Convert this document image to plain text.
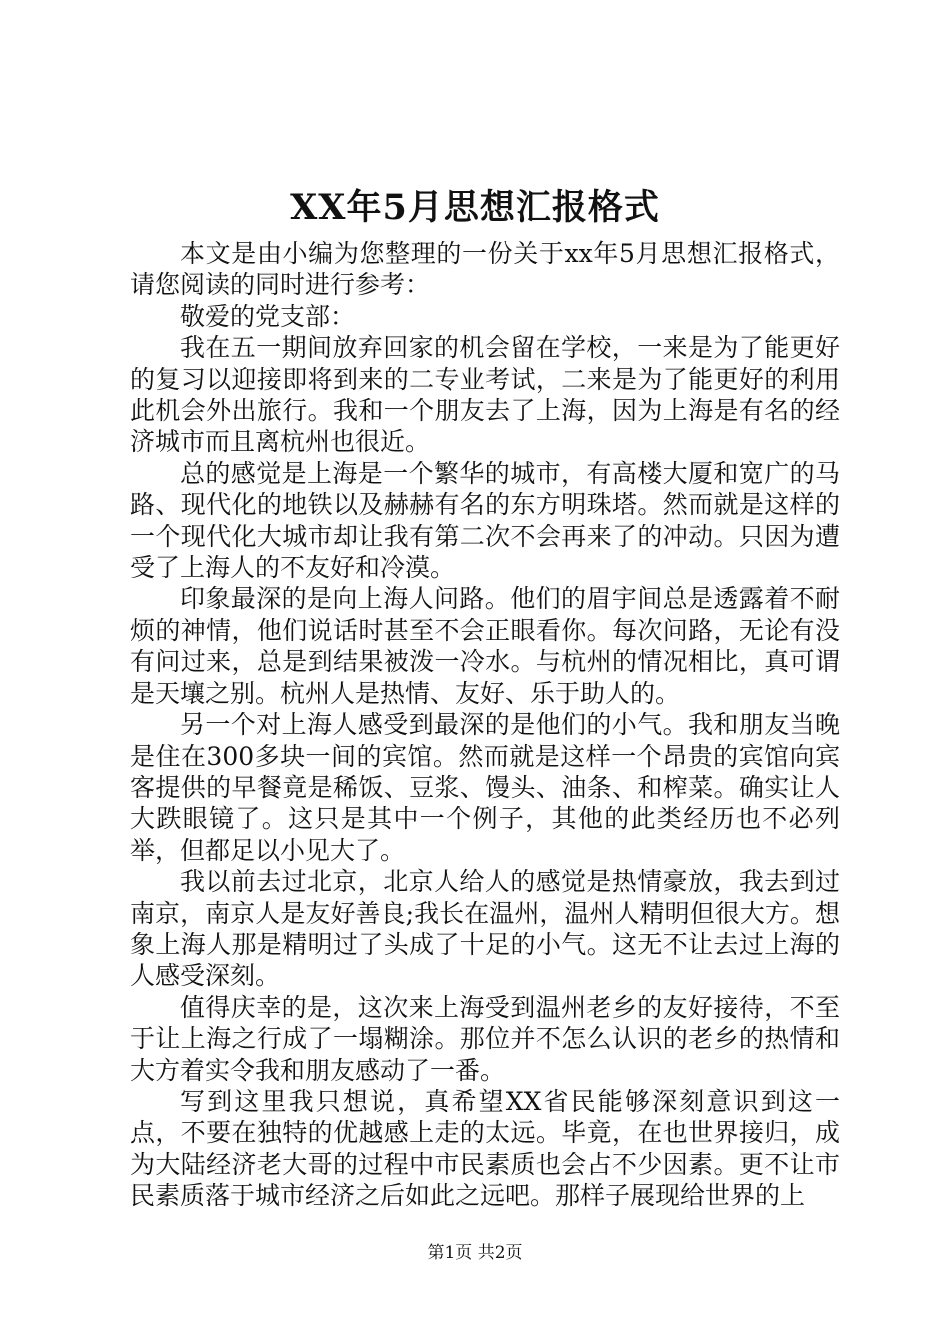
XX年5月思想汇报格式

本文是由小编为您整理的一份关于xx年5月思想汇报格式，请您阅读的同时进行参考：

敬爱的党支部：

我在五一期间放弃回家的机会留在学校，一来是为了能更好的复习以迎接即将到来的二专业考试，二来是为了能更好的利用此机会外出旅行。我和一个朋友去了上海，因为上海是有名的经济城市而且离杭州也很近。

总的感觉是上海是一个繁华的城市，有高楼大厦和宽广的马路、现代化的地铁以及赫赫有名的东方明珠塔。然而就是这样的一个现代化大城市却让我有第二次不会再来了的冲动。只因为遭受了上海人的不友好和冷漠。

印象最深的是向上海人问路。他们的眉宇间总是透露着不耐烦的神情，他们说话时甚至不会正眼看你。每次问路，无论有没有问过来，总是到结果被泼一冷水。与杭州的情况相比，真可谓是天壤之别。杭州人是热情、友好、乐于助人的。

另一个对上海人感受到最深的是他们的小气。我和朋友当晚是住在300多块一间的宾馆。然而就是这样一个昂贵的宾馆向宾客提供的早餐竟是稀饭、豆浆、馒头、油条、和榨菜。确实让人大跌眼镜了。这只是其中一个例子，其他的此类经历也不必列举，但都足以小见大了。

我以前去过北京，北京人给人的感觉是热情豪放，我去到过南京，南京人是友好善良;我长在温州，温州人精明但很大方。想象上海人那是精明过了头成了十足的小气。这无不让去过上海的人感受深刻。

值得庆幸的是，这次来上海受到温州老乡的友好接待，不至于让上海之行成了一塌糊涂。那位并不怎么认识的老乡的热情和大方着实令我和朋友感动了一番。

写到这里我只想说，真希望XX省民能够深刻意识到这一点，不要在独特的优越感上走的太远。毕竟，在也世界接归，成为大陆经济老大哥的过程中市民素质也会占不少因素。更不让市民素质落于城市经济之后如此之远吧。那样子展现给世界的上

第1页 共2页
